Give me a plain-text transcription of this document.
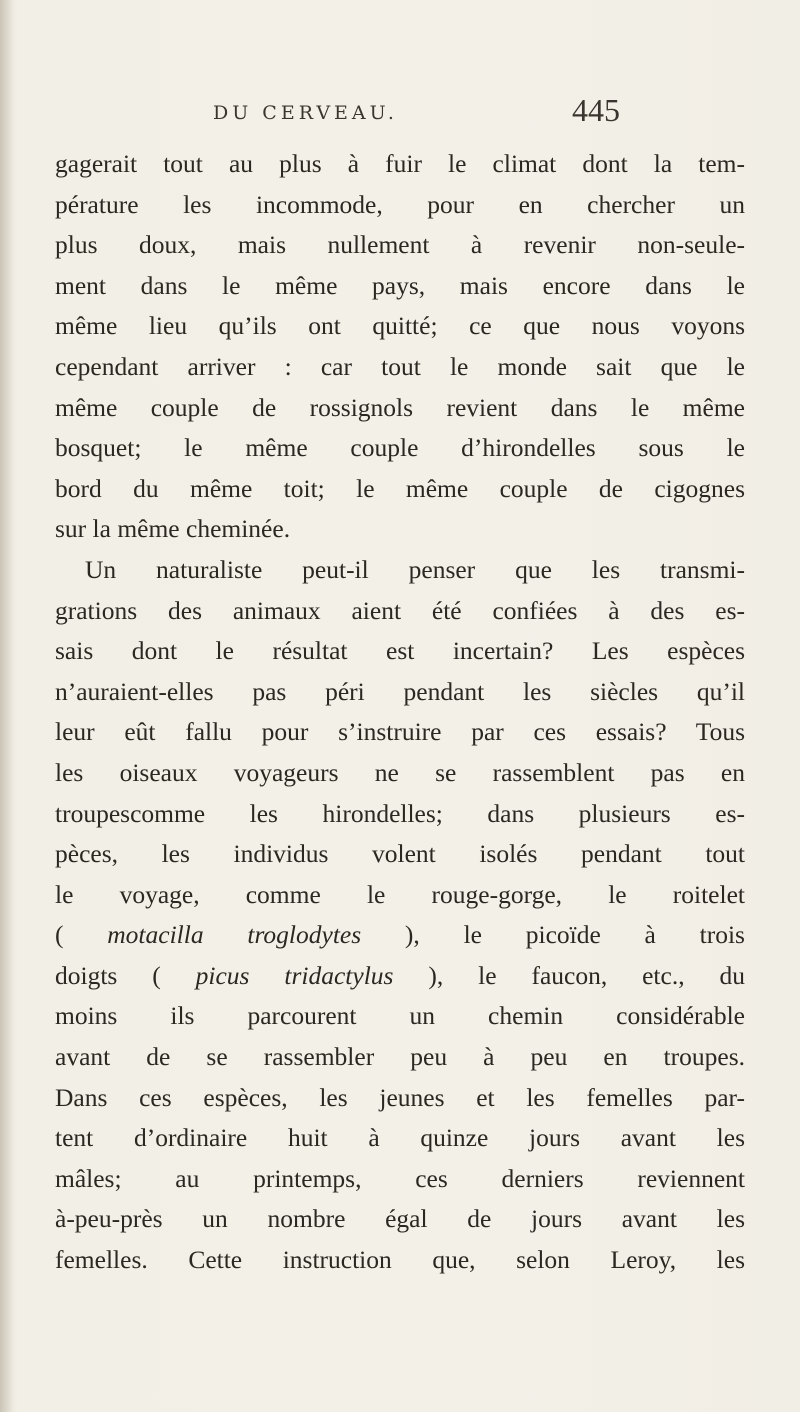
DU CERVEAU.	445
gagerait tout au plus à fuir le climat dont la tem-
pérature les incommode, pour en chercher un
plus doux, mais nullement à revenir non-seule-
ment dans le même pays, mais encore dans le
même lieu qu’ils ont quitté; ce que nous voyons
cependant arriver : car tout le monde sait que le
même couple de rossignols revient dans le même
bosquet; le même couple d’hirondelles sous le
bord du même toit; le même couple de cigognes
sur la même cheminée.
Un naturaliste peut-il penser que les transmi-
grations des animaux aient été confiées à des es-
sais dont le résultat est incertain? Les espèces
n’auraient-elles pas péri pendant les siècles qu’il
leur eût fallu pour s’instruire par ces essais? Tous
les oiseaux voyageurs ne se rassemblent pas en
troupescomme les hirondelles; dans plusieurs es-
pèces, les individus volent isolés pendant tout
le voyage, comme le rouge-gorge, le roitelet
( motacilla troglodytes ), le picoïde à trois
doigts ( picus tridactylus ), le faucon, etc., du
moins ils parcourent un chemin considérable
avant de se rassembler peu à peu en troupes.
Dans ces espèces, les jeunes et les femelles par-
tent d’ordinaire huit à quinze jours avant les
mâles; au printemps, ces derniers reviennent
à-peu-près un nombre égal de jours avant les
femelles. Cette instruction que, selon Leroy, les
